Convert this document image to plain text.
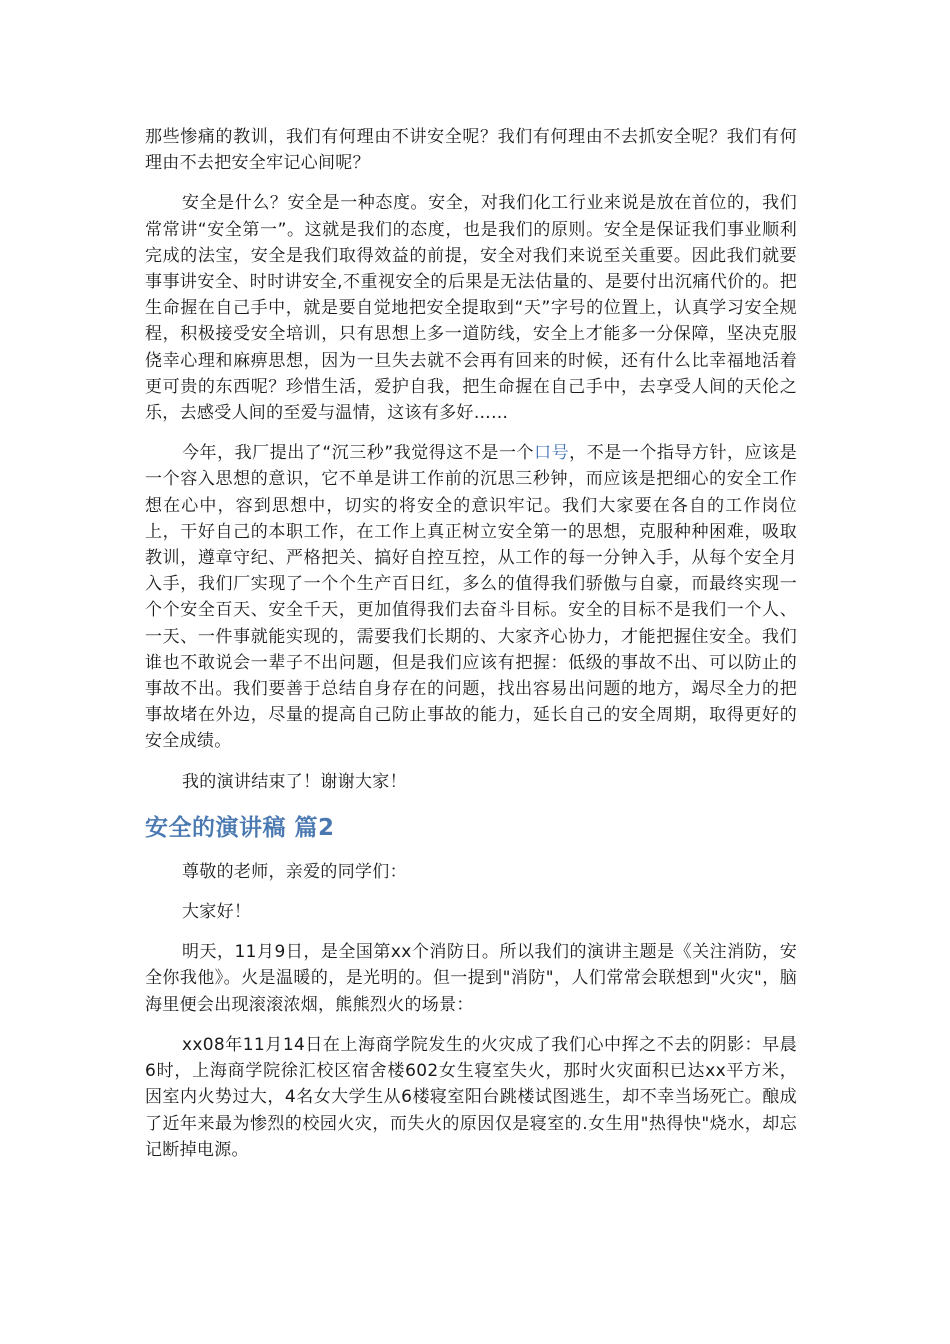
那些惨痛的教训，我们有何理由不讲安全呢？我们有何理由不去抓安全呢？我们有何理由不去把安全牢记心间呢？

安全是什么？安全是一种态度。安全，对我们化工行业来说是放在首位的，我们常常讲“安全第一”。这就是我们的态度，也是我们的原则。安全是保证我们事业顺利完成的法宝，安全是我们取得效益的前提，安全对我们来说至关重要。因此我们就要事事讲安全、时时讲安全,不重视安全的后果是无法估量的、是要付出沉痛代价的。把生命握在自己手中，就是要自觉地把安全提取到“天”字号的位置上，认真学习安全规程，积极接受安全培训，只有思想上多一道防线，安全上才能多一分保障，坚决克服侥幸心理和麻痹思想，因为一旦失去就不会再有回来的时候，还有什么比幸福地活着更可贵的东西呢？珍惜生活，爱护自我，把生命握在自己手中，去享受人间的天伦之乐，去感受人间的至爱与温情，这该有多好……

今年，我厂提出了“沉三秒”我觉得这不是一个口号，不是一个指导方针，应该是一个容入思想的意识，它不单是讲工作前的沉思三秒钟，而应该是把细心的安全工作想在心中，容到思想中，切实的将安全的意识牢记。我们大家要在各自的工作岗位上，干好自己的本职工作，在工作上真正树立安全第一的思想，克服种种困难，吸取教训，遵章守纪、严格把关、搞好自控互控，从工作的每一分钟入手，从每个安全月入手，我们厂实现了一个个生产百日红，多么的值得我们骄傲与自豪，而最终实现一个个安全百天、安全千天，更加值得我们去奋斗目标。安全的目标不是我们一个人、一天、一件事就能实现的，需要我们长期的、大家齐心协力，才能把握住安全。我们谁也不敢说会一辈子不出问题，但是我们应该有把握：低级的事故不出、可以防止的事故不出。我们要善于总结自身存在的问题，找出容易出问题的地方，竭尽全力的把事故堵在外边，尽量的提高自己防止事故的能力，延长自己的安全周期，取得更好的安全成绩。

我的演讲结束了！谢谢大家！

安全的演讲稿 篇2

尊敬的老师，亲爱的同学们：

大家好！

明天，11月9日，是全国第xx个消防日。所以我们的演讲主题是《关注消防，安全你我他》。火是温暖的，是光明的。但一提到"消防"，人们常常会联想到"火灾"，脑海里便会出现滚滚浓烟，熊熊烈火的场景：

xx08年11月14日在上海商学院发生的火灾成了我们心中挥之不去的阴影：早晨6时，上海商学院徐汇校区宿舍楼602女生寝室失火，那时火灾面积已达xx平方米，因室内火势过大，4名女大学生从6楼寝室阳台跳楼试图逃生，却不幸当场死亡。酿成了近年来最为惨烈的校园火灾，而失火的原因仅是寝室的.女生用"热得快"烧水，却忘记断掉电源。
